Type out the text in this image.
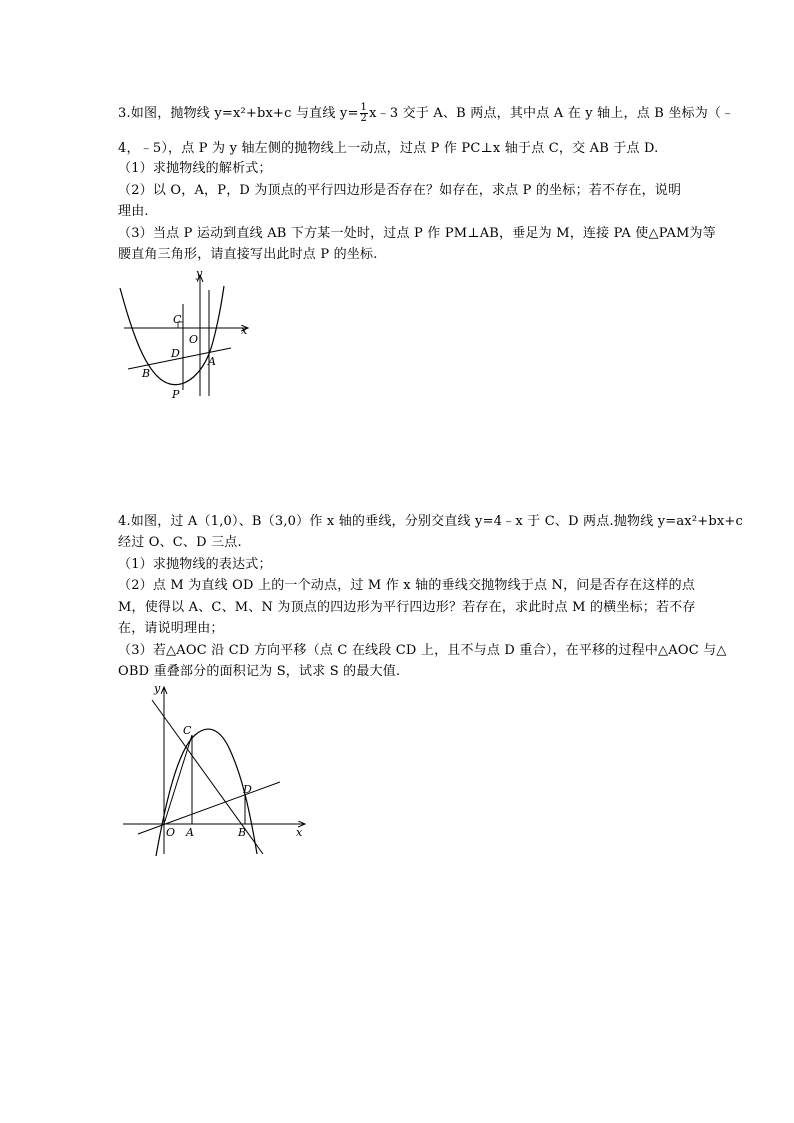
3.如图，抛物线 y=x²+bx+c 与直线 $y= \frac{1}{2}$ x﹣3 交于 A、B 两点，其中点 A 在 y 轴上，点 B 坐标为（﹣
4，﹣5），点 P 为 y 轴左侧的抛物线上一动点，过点 P 作 PC⊥x 轴于点 C，交 AB 于点 D.
（1）求抛物线的解析式；
（2）以 O，A，P，D 为顶点的平行四边形是否存在？如存在，求点 P 的坐标；若不存在，说明
理由.
（3）当点 P 运动到直线 AB 下方某一处时，过点 P 作 PM⊥AB，垂足为 M，连接 PA 使△PAM为等
腰直角三角形，请直接写出此时点 P 的坐标.
y
x
C
O
D
A
B
P
4.如图，过 A（1,0）、B（3,0）作 x 轴的垂线，分别交直线 y=4﹣x 于 C、D 两点.抛物线 y=ax²+bx+c
经过 O、C、D 三点.
（1）求抛物线的表达式；
（2）点 M 为直线 OD 上的一个动点，过 M 作 x 轴的垂线交抛物线于点 N，问是否存在这样的点
M，使得以 A、C、M、N 为顶点的四边形为平行四边形？若存在，求此时点 M 的横坐标；若不存
在，请说明理由；
（3）若△AOC 沿 CD 方向平移（点 C 在线段 CD 上，且不与点 D 重合），在平移的过程中△AOC 与△
OBD 重叠部分的面积记为 S，试求 S 的最大值.
y
x
C
D
O A	B
